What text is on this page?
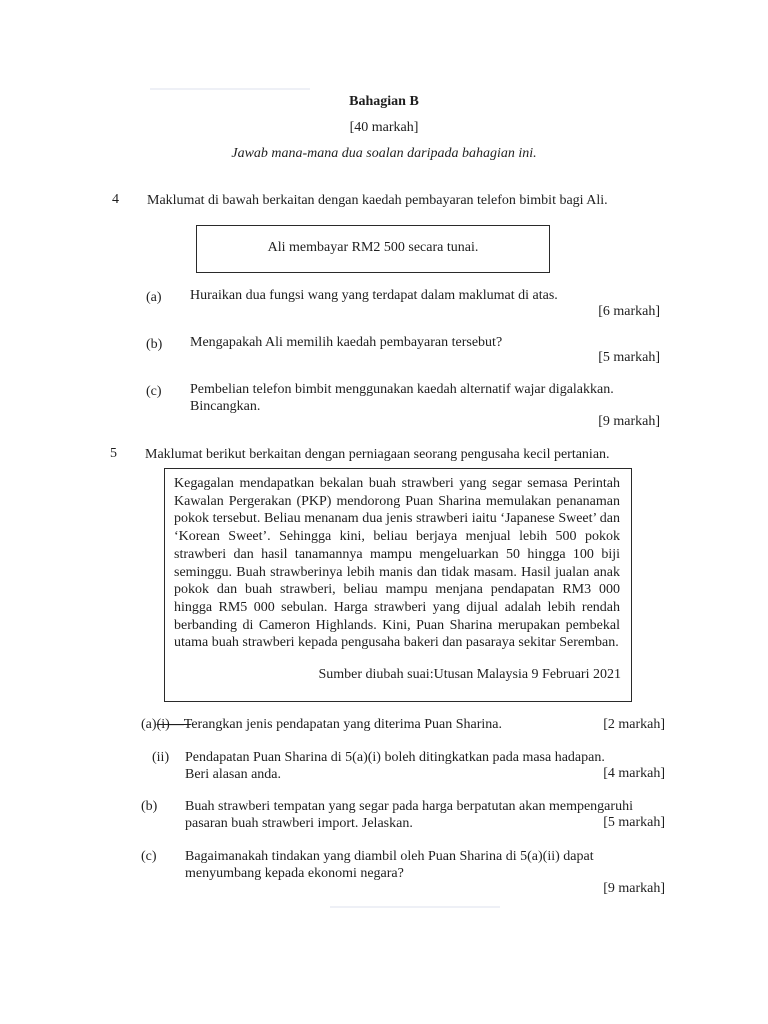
Bahagian B
[40 markah]
Jawab mana-mana dua soalan daripada bahagian ini.
4 Maklumat di bawah berkaitan dengan kaedah pembayaran telefon bimbit bagi Ali.
Ali membayar RM2 500 secara tunai.
(a) Huraikan dua fungsi wang yang terdapat dalam maklumat di atas.
[6 markah]
(b) Mengapakah Ali memilih kaedah pembayaran tersebut?
[5 markah]
(c) Pembelian telefon bimbit menggunakan kaedah alternatif wajar digalakkan.
Bincangkan.
[9 markah]
5 Maklumat berikut berkaitan dengan perniagaan seorang pengusaha kecil pertanian.
Kegagalan mendapatkan bekalan buah strawberi yang segar semasa Perintah Kawalan Pergerakan (PKP) mendorong Puan Sharina memulakan penanaman pokok tersebut. Beliau menanam dua jenis strawberi iaitu ‘Japanese Sweet’ dan ‘Korean Sweet’. Sehingga kini, beliau berjaya menjual lebih 500 pokok strawberi dan hasil tanamannya mampu mengeluarkan 50 hingga 100 biji seminggu. Buah strawberinya lebih manis dan tidak masam. Hasil jualan anak pokok dan buah strawberi, beliau mampu menjana pendapatan RM3 000 hingga RM5 000 sebulan. Harga strawberi yang dijual adalah lebih rendah berbanding di Cameron Highlands. Kini, Puan Sharina merupakan pembekal utama buah strawberi kepada pengusaha bakeri dan pasaraya sekitar Seremban.
Sumber diubah suai:Utusan Malaysia 9 Februari 2021
(a)(i)—Terangkan jenis pendapatan yang diterima Puan Sharina.	[2 markah]
(ii) Pendapatan Puan Sharina di 5(a)(i) boleh ditingkatkan pada masa hadapan.
Beri alasan anda.	[4 markah]
(b) Buah strawberi tempatan yang segar pada harga berpatutan akan mempengaruhi
pasaran buah strawberi import. Jelaskan.	[5 markah]
(c) Bagaimanakah tindakan yang diambil oleh Puan Sharina di 5(a)(ii) dapat
menyumbang kepada ekonomi negara?
[9 markah]
